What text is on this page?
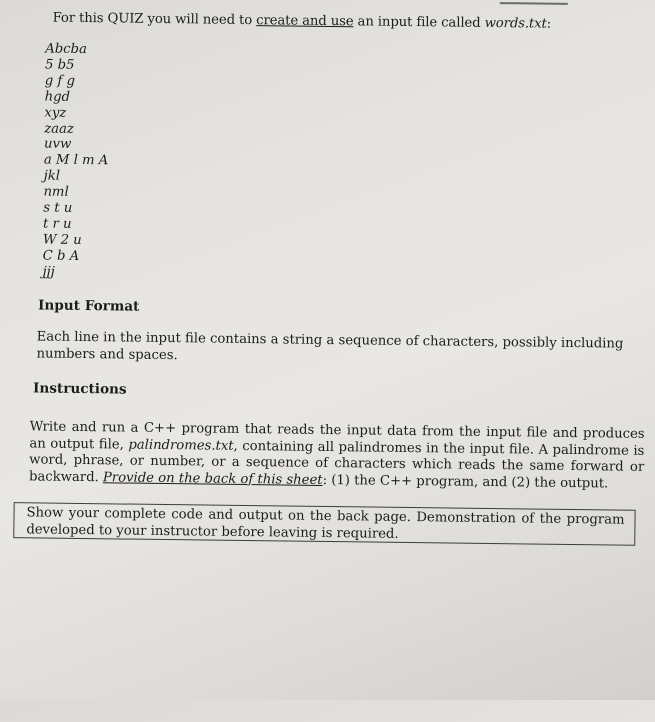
For this QUIZ you will need to create and use an input file called words.txt:
Abcba
5 b5
g f g
hgd
xyz
zaaz
uvw
a M l m A
jkl
nml
s t u
t r u
W 2 u
C b A
jjj
Input Format
Each line in the input file contains a string a sequence of characters, possibly including numbers and spaces.
Instructions
Write and run a C++ program that reads the input data from the input file and produces an output file, palindromes.txt, containing all palindromes in the input file. A palindrome is word, phrase, or number, or a sequence of characters which reads the same forward or backward. Provide on the back of this sheet: (1) the C++ program, and (2) the output.
Show your complete code and output on the back page. Demonstration of the program developed to your instructor before leaving is required.
